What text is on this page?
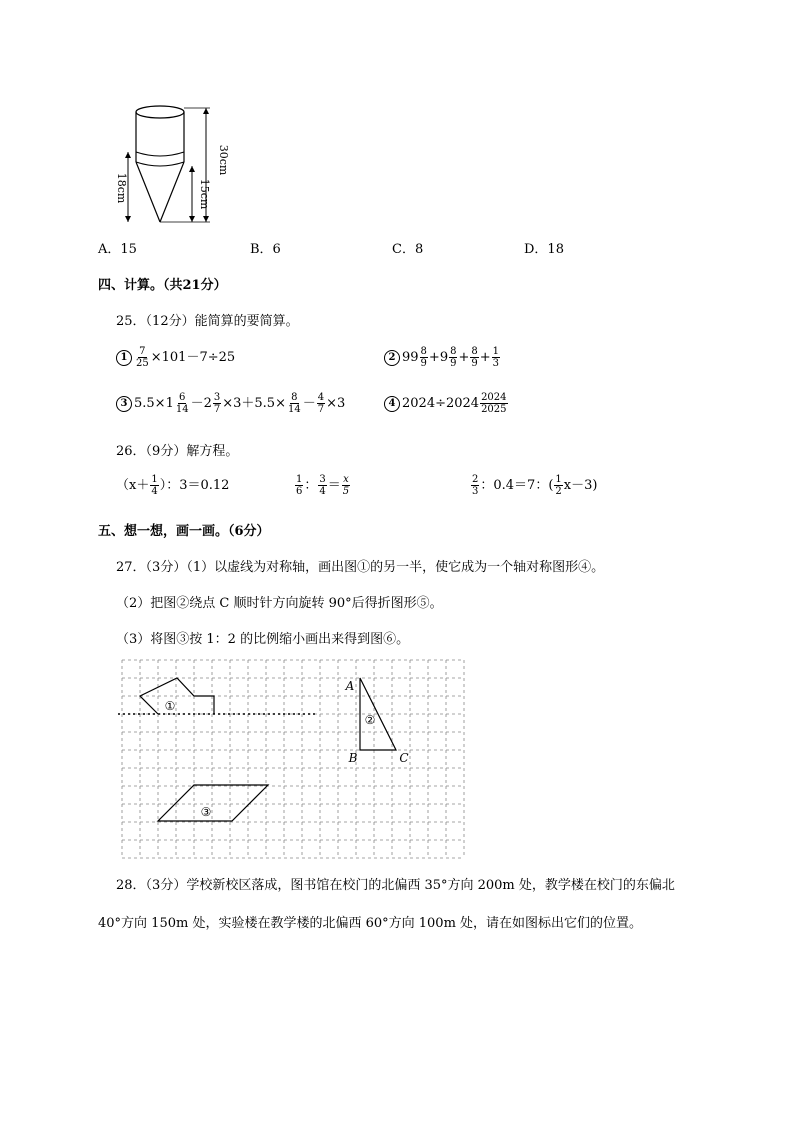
18cm	15cm
30cm
A．15	B．6	C．8	D．18
四、计算。（共21分）
25．（12分）能简算的要简算。
$1 \frac{7}{25} \times 101-7\div 25$	2 $99 \frac{8}{9} +9 \frac{8}{9} + \frac{8}{9} + \frac{1}{3}$
3 $5.5\times 1 \frac{6}{14} -2 \frac{3}{7} \times 3+5.5\times \frac{8}{14} - \frac{4}{7} \times 3$	4 $2024\div 2024 \frac{2024}{2025}$
26．（9分）解方程。
（$x+ \frac{1}{4}$ ）：3＝0.12	$\frac{1}{6}$ ： $\frac{3}{4} = \frac{x}{5}$	$\frac{2}{3}$ ：0.4＝7：( $\frac{1}{2} x-3$)
五、想一想，画一画。（6分）
27．（3分）（1）以虚线为对称轴，画出图①的另一半，使它成为一个轴对称图形④。
（2）把图②绕点 C 顺时针方向旋转 90°后得折图形⑤。
（3）将图③按 1：2 的比例缩小画出来得到图⑥。
①
②
A
B	C
③
28．（3分）学校新校区落成，图书馆在校门的北偏西 35°方向 200m 处，教学楼在校门的东偏北
40°方向 150m 处，实验楼在教学楼的北偏西 60°方向 100m 处，请在如图标出它们的位置。
